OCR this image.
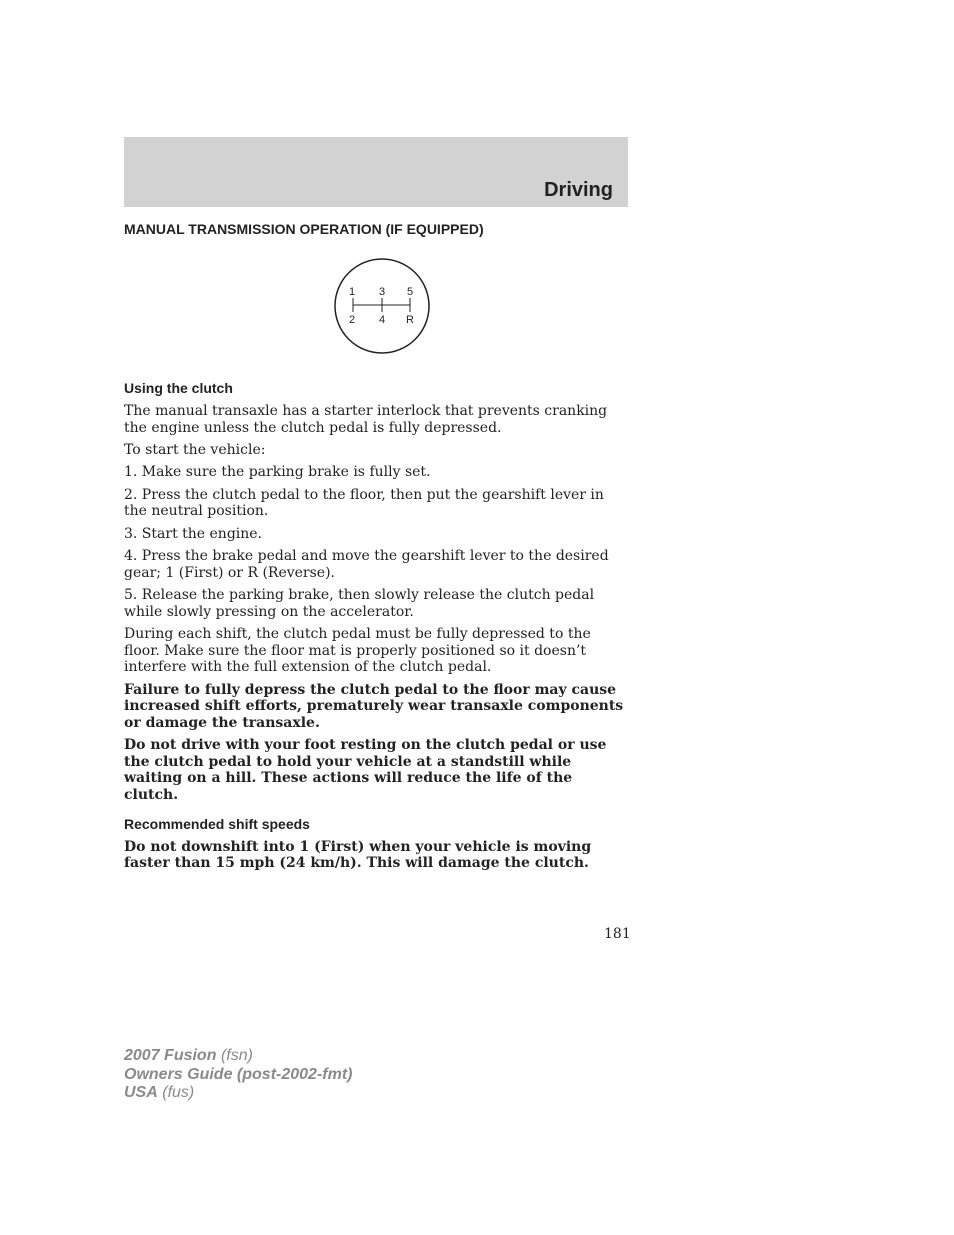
Driving
MANUAL TRANSMISSION OPERATION (IF EQUIPPED)
1 3 5
2 4 R
Using the clutch

The manual transaxle has a starter interlock that prevents cranking the engine unless the clutch pedal is fully depressed.

To start the vehicle:

1. Make sure the parking brake is fully set.

2. Press the clutch pedal to the floor, then put the gearshift lever in the neutral position.

3. Start the engine.

4. Press the brake pedal and move the gearshift lever to the desired gear; 1 (First) or R (Reverse).

5. Release the parking brake, then slowly release the clutch pedal while slowly pressing on the accelerator.

During each shift, the clutch pedal must be fully depressed to the floor. Make sure the floor mat is properly positioned so it doesn’t interfere with the full extension of the clutch pedal.

Failure to fully depress the clutch pedal to the floor may cause increased shift efforts, prematurely wear transaxle components or damage the transaxle.

Do not drive with your foot resting on the clutch pedal or use the clutch pedal to hold your vehicle at a standstill while waiting on a hill. These actions will reduce the life of the clutch.

Recommended shift speeds

Do not downshift into 1 (First) when your vehicle is moving faster than 15 mph (24 km/h). This will damage the clutch.

181
2007 Fusion (fsn)
Owners Guide (post-2002-fmt)
USA (fus)
